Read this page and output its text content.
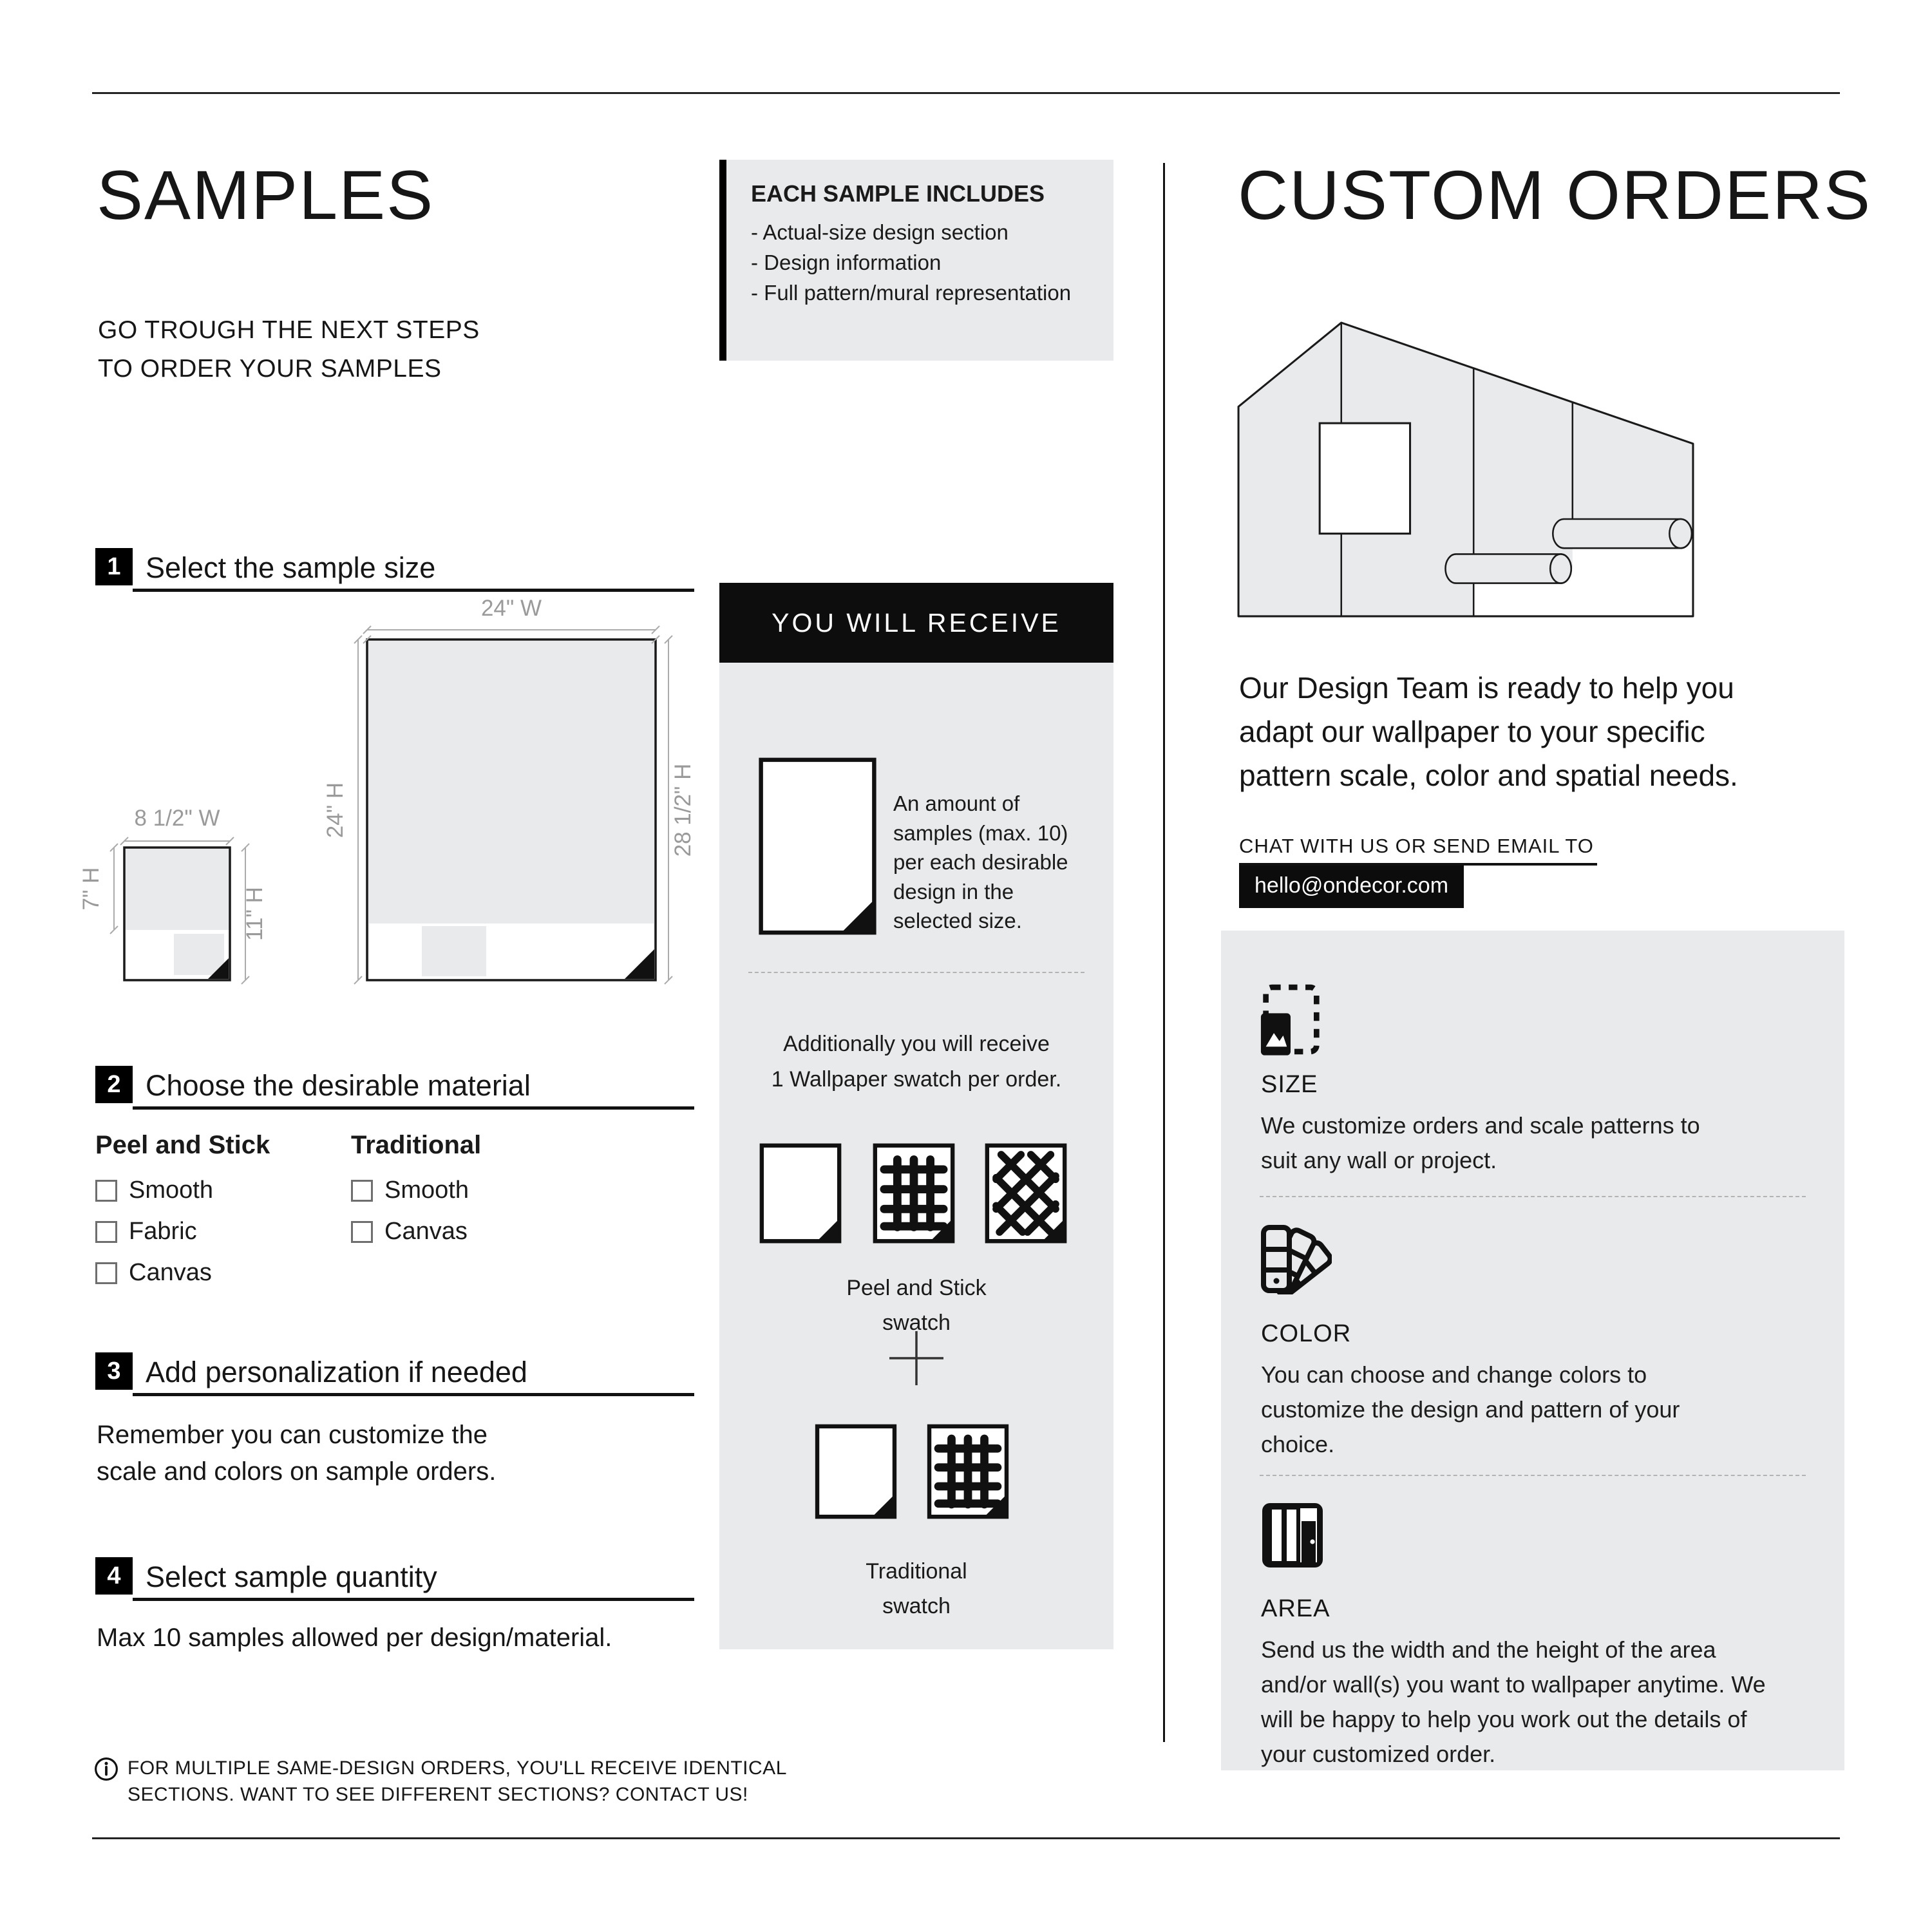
SAMPLES
GO TROUGH THE NEXT STEPS
TO ORDER YOUR SAMPLES
EACH SAMPLE INCLUDES
- Actual-size design section
- Design information
- Full pattern/mural representation
1 Select the sample size
24" W
24" H	28 1/2" H
8 1/2" W
7" H	11" H
2 Choose the desirable material
Peel and Stick
Smooth
Fabric
Canvas
Traditional
Smooth
Canvas
3 Add personalization if needed
Remember you can customize the scale and colors on sample orders.
4 Select sample quantity
Max 10 samples allowed per design/material.
FOR MULTIPLE SAME-DESIGN ORDERS, YOU'LL RECEIVE IDENTICAL
SECTIONS. WANT TO SEE DIFFERENT SECTIONS? CONTACT US!
YOU WILL RECEIVE
An amount of samples (max. 10) per each desirable design in the selected size.
Additionally you will receive
1 Wallpaper swatch per order.
Peel and Stick
swatch
Traditional
swatch
CUSTOM ORDERS
Our Design Team is ready to help you
adapt our wallpaper to your specific
pattern scale, color and spatial needs.
CHAT WITH US OR SEND EMAIL TO
hello@ondecor.com
SIZE
We customize orders and scale patterns to suit any wall or project.
COLOR
You can choose and change colors to customize the design and pattern of your choice.
AREA
Send us the width and the height of the area and/or wall(s) you want to wallpaper anytime. We will be happy to help you work out the details of your customized order.
